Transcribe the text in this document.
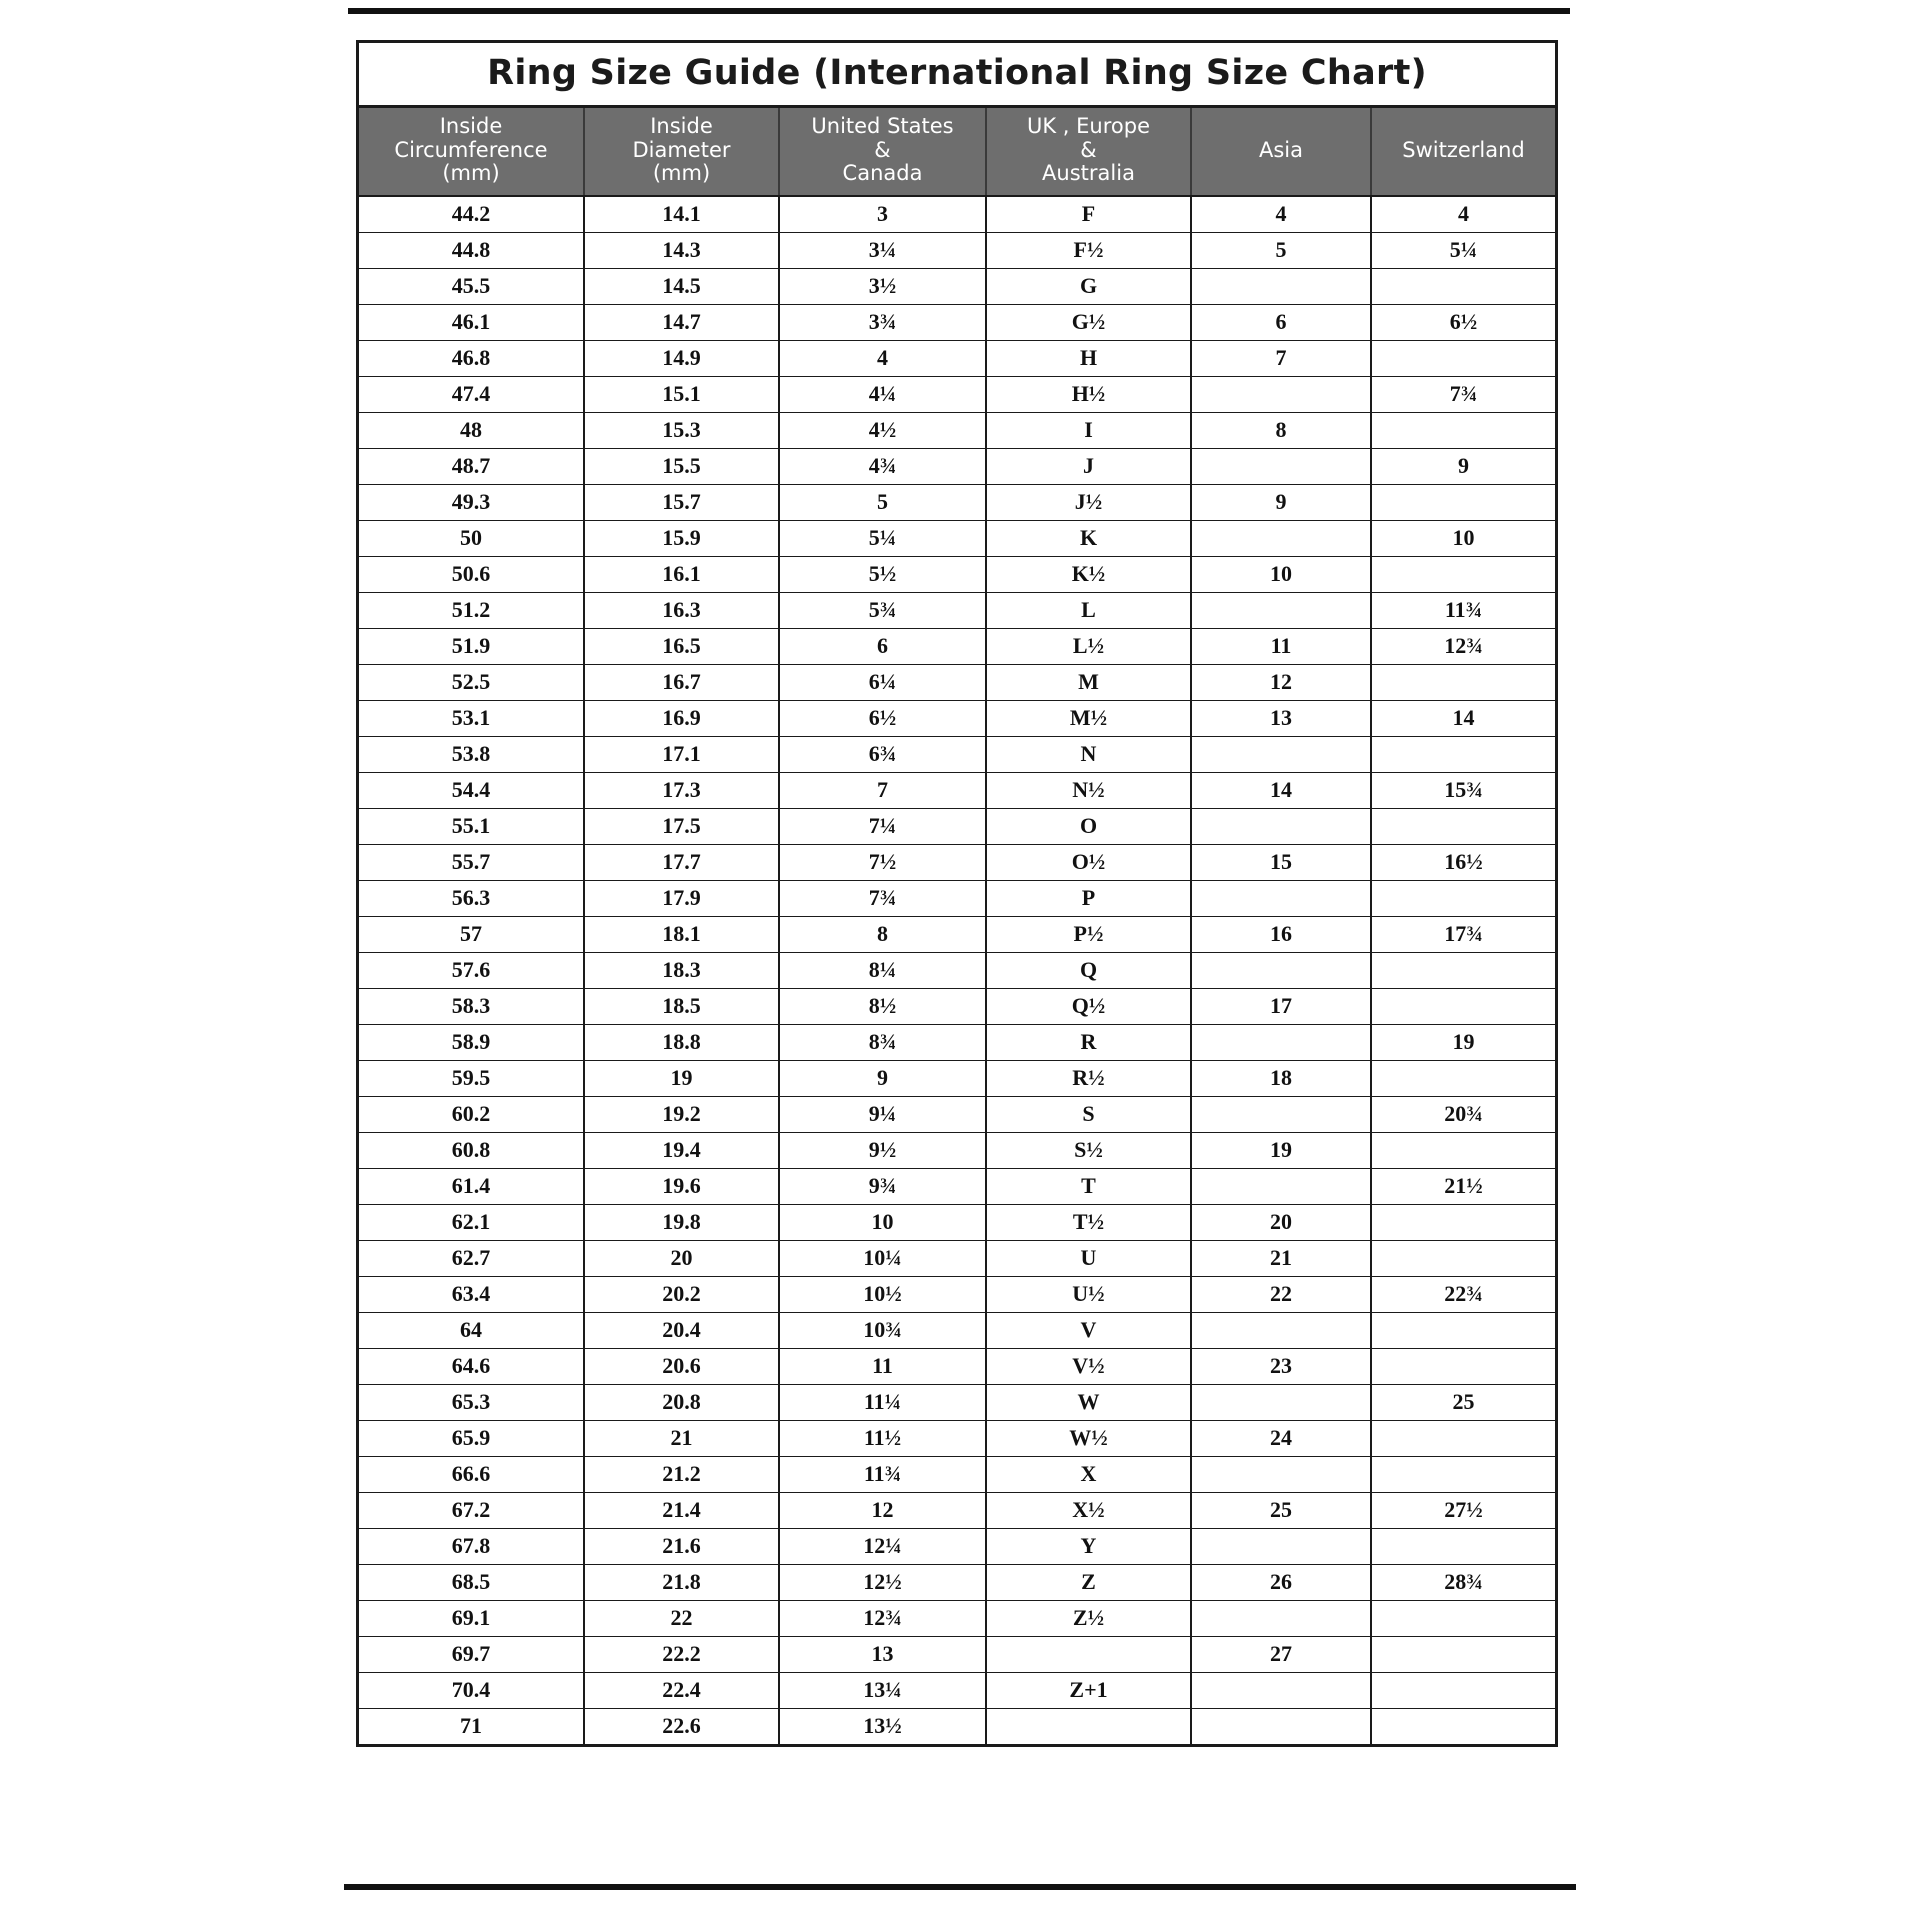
Ring Size Guide (International Ring Size Chart)
Inside
Circumference
(mm)	Inside
Diameter
(mm)	United States
&
Canada	UK , Europe
&
Australia	Asia	Switzerland
44.2	14.1	3	F	4	4
44.8	14.3	3¼	F½	5	5¼
45.5	14.5	3½	G		
46.1	14.7	3¾	G½	6	6½
46.8	14.9	4	H	7	
47.4	15.1	4¼	H½		7¾
48	15.3	4½	I	8	
48.7	15.5	4¾	J		9
49.3	15.7	5	J½	9	
50	15.9	5¼	K		10
50.6	16.1	5½	K½	10	
51.2	16.3	5¾	L		11¾
51.9	16.5	6	L½	11	12¾
52.5	16.7	6¼	M	12	
53.1	16.9	6½	M½	13	14
53.8	17.1	6¾	N		
54.4	17.3	7	N½	14	15¾
55.1	17.5	7¼	O		
55.7	17.7	7½	O½	15	16½
56.3	17.9	7¾	P		
57	18.1	8	P½	16	17¾
57.6	18.3	8¼	Q		
58.3	18.5	8½	Q½	17	
58.9	18.8	8¾	R		19
59.5	19	9	R½	18	
60.2	19.2	9¼	S		20¾
60.8	19.4	9½	S½	19	
61.4	19.6	9¾	T		21½
62.1	19.8	10	T½	20	
62.7	20	10¼	U	21	
63.4	20.2	10½	U½	22	22¾
64	20.4	10¾	V		
64.6	20.6	11	V½	23	
65.3	20.8	11¼	W		25
65.9	21	11½	W½	24	
66.6	21.2	11¾	X		
67.2	21.4	12	X½	25	27½
67.8	21.6	12¼	Y		
68.5	21.8	12½	Z	26	28¾
69.1	22	12¾	Z½		
69.7	22.2	13		27	
70.4	22.4	13¼	Z+1		
71	22.6	13½			
